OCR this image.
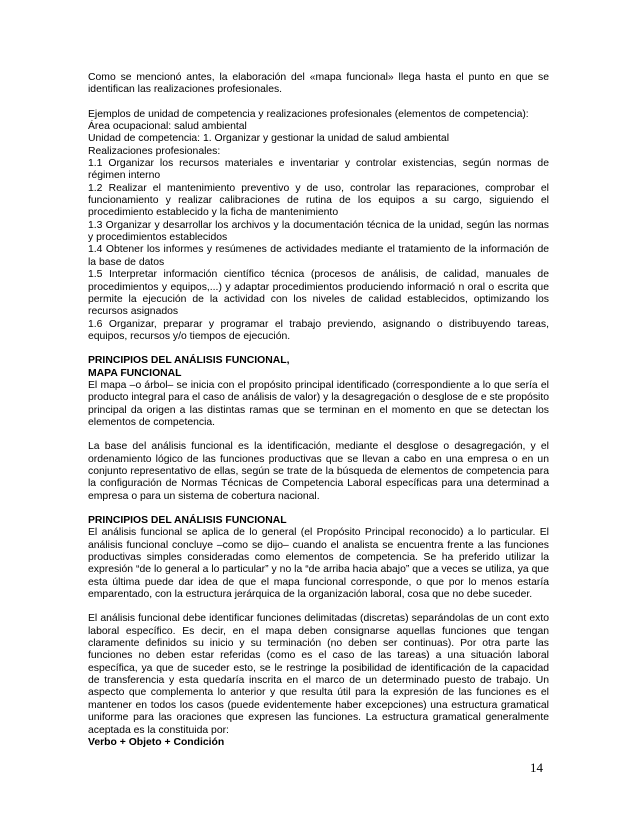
Como se mencionó antes, la elaboración del «mapa funcional» llega hasta el punto en que se identifican las realizaciones profesionales.

Ejemplos de unidad de competencia y realizaciones profesionales (elementos de competencia):

Área ocupacional: salud ambiental

Unidad de competencia: 1. Organizar y gestionar la unidad de salud ambiental

Realizaciones profesionales:

1.1 Organizar los recursos materiales e inventariar y controlar existencias, según normas de régimen interno

1.2 Realizar el mantenimiento preventivo y de uso, controlar las reparaciones, comprobar el funcionamiento y realizar calibraciones de rutina de los equipos a su cargo, siguiendo el procedimiento establecido y la ficha de mantenimiento

1.3 Organizar y desarrollar los archivos y la documentación técnica de la unidad, según las normas y procedimientos establecidos

1.4 Obtener los informes y resúmenes de actividades mediante el tratamiento de la información de la base de datos

1.5 Interpretar información científico técnica (procesos de análisis, de calidad, manuales de procedimientos y equipos,...) y adaptar procedimientos produciendo informació n oral o escrita que permite la ejecución de la actividad con los niveles de calidad establecidos, optimizando los recursos asignados

1.6 Organizar, preparar y programar el trabajo previendo, asignando o distribuyendo tareas, equipos, recursos y/o tiempos de ejecución.

PRINCIPIOS DEL ANÁLISIS FUNCIONAL,

MAPA FUNCIONAL

El mapa –o árbol– se inicia con el propósito principal identificado (correspondiente a lo que sería el producto integral para el caso de análisis de valor) y la desagregación o desglose de e ste propósito principal da origen a las distintas ramas que se terminan en el momento en que se detectan los elementos de competencia.

La base del análisis funcional es la identificación, mediante el desglose o desagregación, y el ordenamiento lógico de las funciones productivas que se llevan a cabo en una empresa o en un conjunto representativo de ellas, según se trate de la búsqueda de elementos de competencia para la configuración de Normas Técnicas de Competencia Laboral específicas para una determinad a empresa o para un sistema de cobertura nacional.

PRINCIPIOS DEL ANÁLISIS FUNCIONAL

El análisis funcional se aplica de lo general (el Propósito Principal reconocido) a lo particular. El análisis funcional concluye –como se dijo– cuando el analista se encuentra frente a las funciones productivas simples consideradas como elementos de competencia. Se ha preferido utilizar la expresión “de lo general a lo particular” y no la “de arriba hacia abajo” que a veces se utiliza, ya que esta última puede dar idea de que el mapa funcional corresponde, o que por lo menos estaría emparentado, con la estructura jerárquica de la organización laboral, cosa que no debe suceder.

El análisis funcional debe identificar funciones delimitadas (discretas) separándolas de un cont exto laboral específico. Es decir, en el mapa deben consignarse aquellas funciones que tengan claramente definidos su inicio y su terminación (no deben ser continuas). Por otra parte las funciones no deben estar referidas (como es el caso de las tareas) a una situación laboral específica, ya que de suceder esto, se le restringe la posibilidad de identificación de la capacidad de transferencia y esta quedaría inscrita en el marco de un determinado puesto de trabajo. Un aspecto que complementa lo anterior y que resulta útil para la expresión de las funciones es el mantener en todos los casos (puede evidentemente haber excepciones) una estructura gramatical uniforme para las oraciones que expresen las funciones. La estructura gramatical generalmente aceptada es la constituida por:

Verbo + Objeto + Condición

14
